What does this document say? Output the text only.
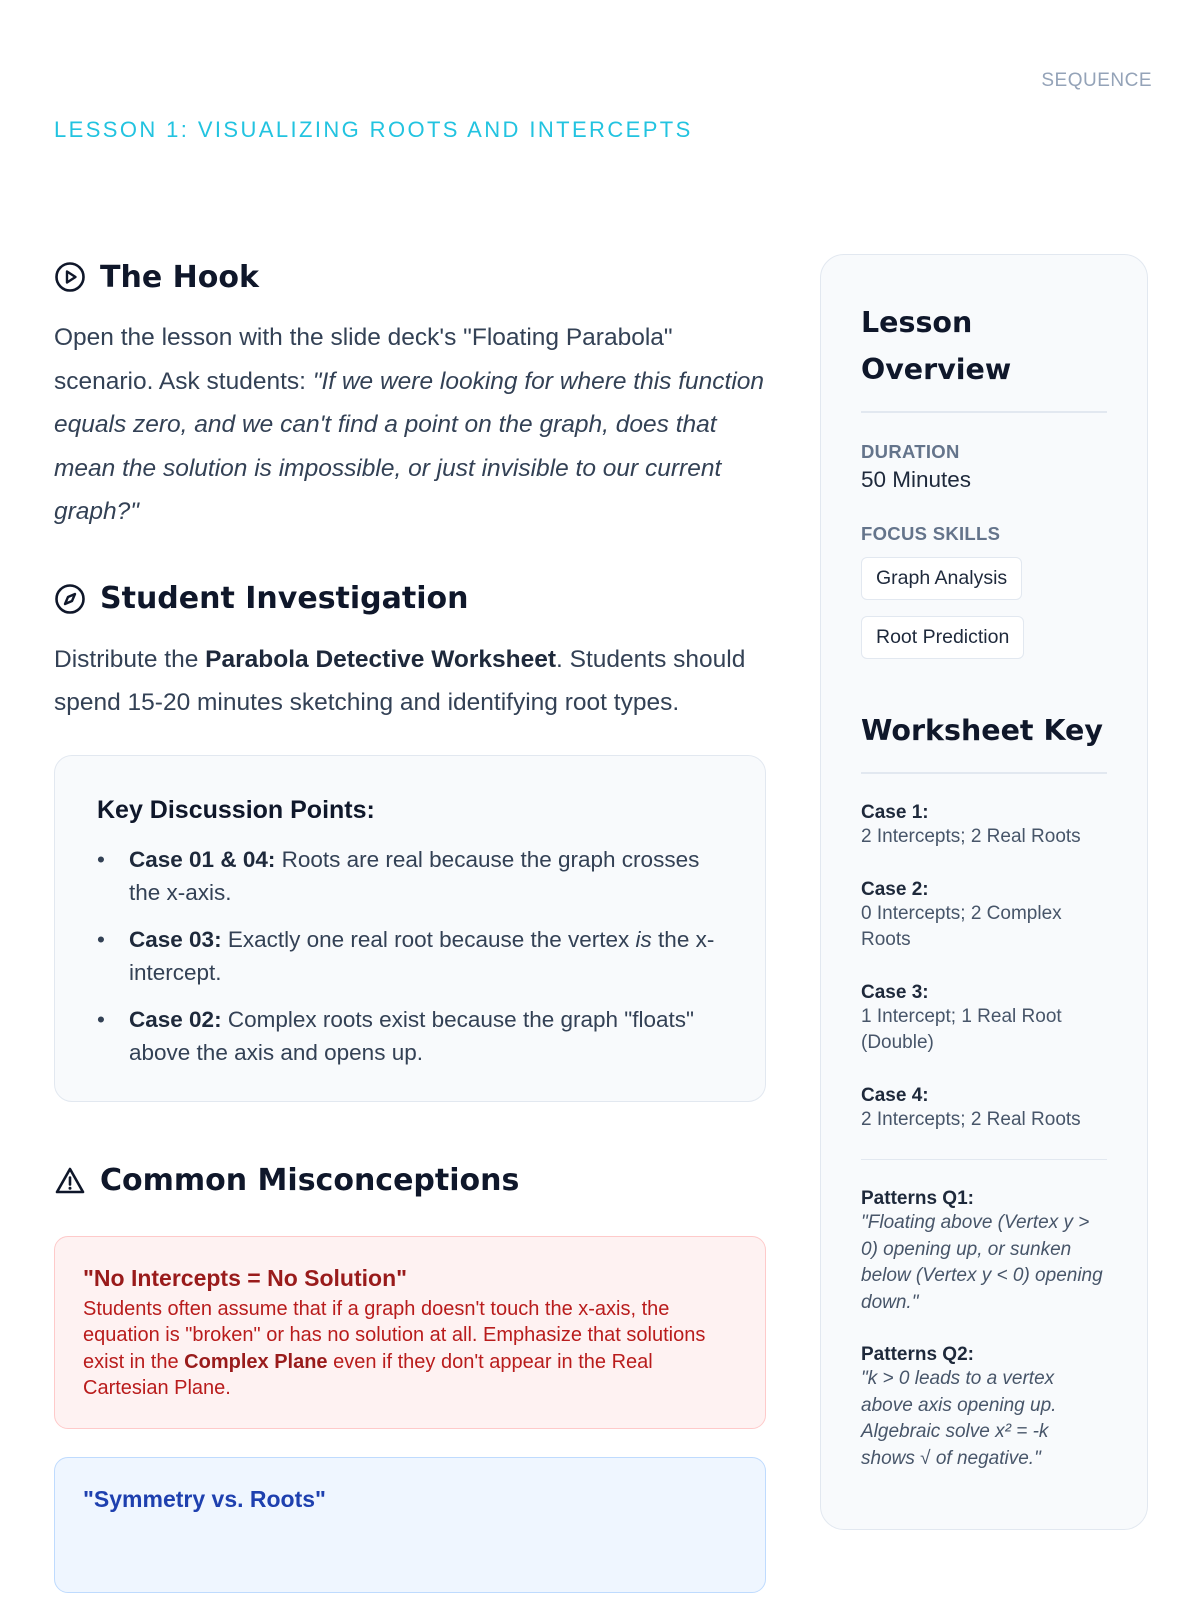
SEQUENCE
LESSON 1: VISUALIZING ROOTS AND INTERCEPTS
The Hook

Open the lesson with the slide deck's "Floating Parabola" scenario. Ask students: "If we were looking for where this function equals zero, and we can't find a point on the graph, does that mean the solution is impossible, or just invisible to our current graph?"

Student Investigation

Distribute the Parabola Detective Worksheet. Students should spend 15-20 minutes sketching and identifying root types.

Key Discussion Points:
• Case 01 & 04: Roots are real because the graph crosses the x-axis.
• Case 03: Exactly one real root because the vertex is the x-intercept.
• Case 02: Complex roots exist because the graph "floats" above the axis and opens up.
Common Misconceptions
"No Intercepts = No Solution"

Students often assume that if a graph doesn't touch the x-axis, the equation is "broken" or has no solution at all. Emphasize that solutions exist in the Complex Plane even if they don't appear in the Real Cartesian Plane.

"Symmetry vs. Roots"
Lesson Overview
DURATION
50 Minutes
FOCUS SKILLS
Graph Analysis
Root Prediction
Worksheet Key
Case 1:
2 Intercepts; 2 Real Roots
Case 2:
0 Intercepts; 2 Complex Roots
Case 3:
1 Intercept; 1 Real Root (Double)
Case 4:
2 Intercepts; 2 Real Roots
Patterns Q1:
"Floating above (Vertex y > 0) opening up, or sunken below (Vertex y < 0) opening down."
Patterns Q2:
"k > 0 leads to a vertex above axis opening up. Algebraic solve x² = -k shows √ of negative."
